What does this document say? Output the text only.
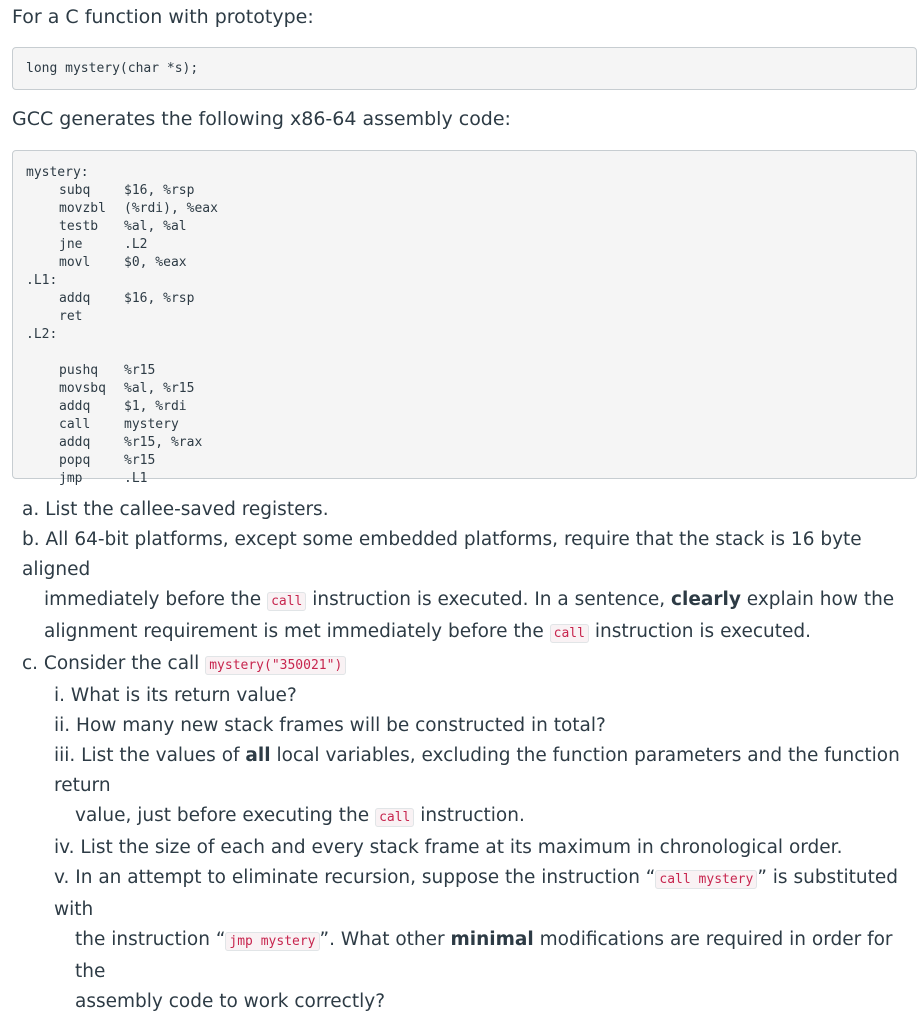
For a C function with prototype:

long mystery(char *s);

GCC generates the following x86-64 assembly code:

mystery:
subq	$16, %rsp
movzbl (%rdi), %eax
testb %al, %al
jne	.L2
movl	$0, %eax
.L1:
addq	$16, %rsp
ret
.L2:
pushq %r15
movsbq %al, %r15
addq	$1, %rdi
call	mystery
addq	%r15, %rax
popq	%r15
jmp	.L1
a. List the callee-saved registers.
b. All 64-bit platforms, except some embedded platforms, require that the stack is 16 byte aligned
immediately before the call instruction is executed. In a sentence, clearly explain how the
alignment requirement is met immediately before the call instruction is executed.
c. Consider the call mystery("350021")
i. What is its return value?
ii. How many new stack frames will be constructed in total?
iii. List the values of all local variables, excluding the function parameters and the function return
value, just before executing the call instruction.
iv. List the size of each and every stack frame at its maximum in chronological order.
v. In an attempt to eliminate recursion, suppose the instruction “ call mystery ” is substituted with
the instruction “ jmp mystery ”. What other minimal modifications are required in order for the
assembly code to work correctly?
